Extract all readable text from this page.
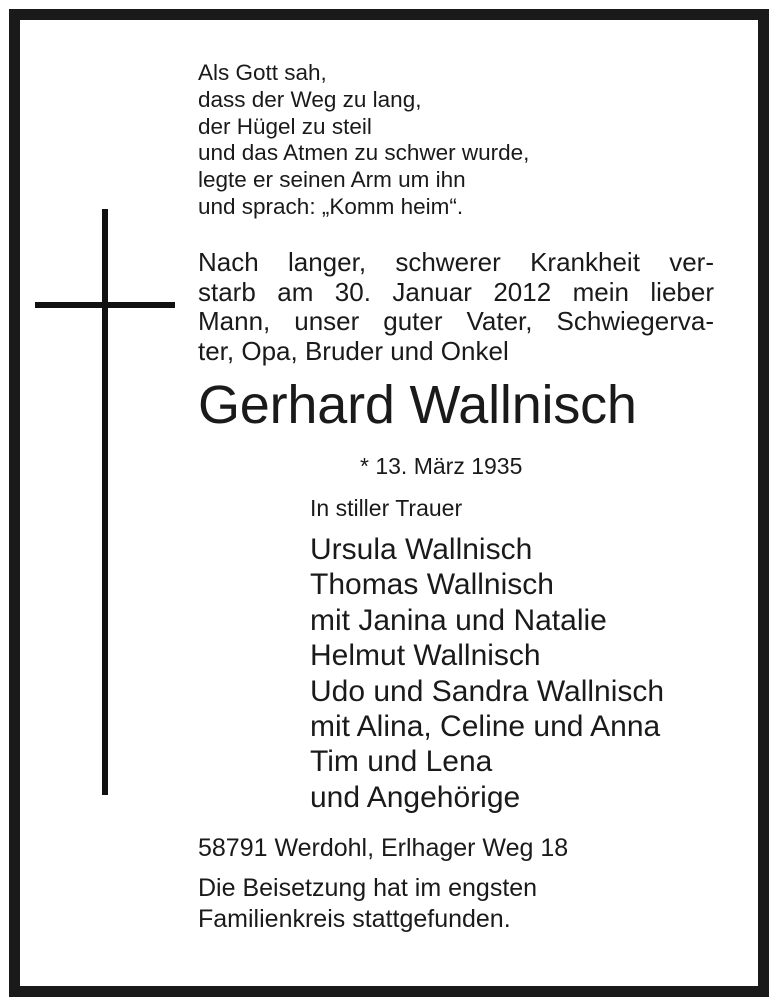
Als Gott sah,
dass der Weg zu lang,
der Hügel zu steil
und das Atmen zu schwer wurde,
legte er seinen Arm um ihn
und sprach: „Komm heim“.
Nach langer, schwerer Krankheit ver-
starb am 30. Januar 2012 mein lieber
Mann, unser guter Vater, Schwiegerva-
ter, Opa, Bruder und Onkel
Gerhard Wallnisch
* 13. März 1935
In stiller Trauer
Ursula Wallnisch
Thomas Wallnisch
mit Janina und Natalie
Helmut Wallnisch
Udo und Sandra Wallnisch
mit Alina, Celine und Anna
Tim und Lena
und Angehörige
58791 Werdohl, Erlhager Weg 18
Die Beisetzung hat im engsten
Familienkreis stattgefunden.
